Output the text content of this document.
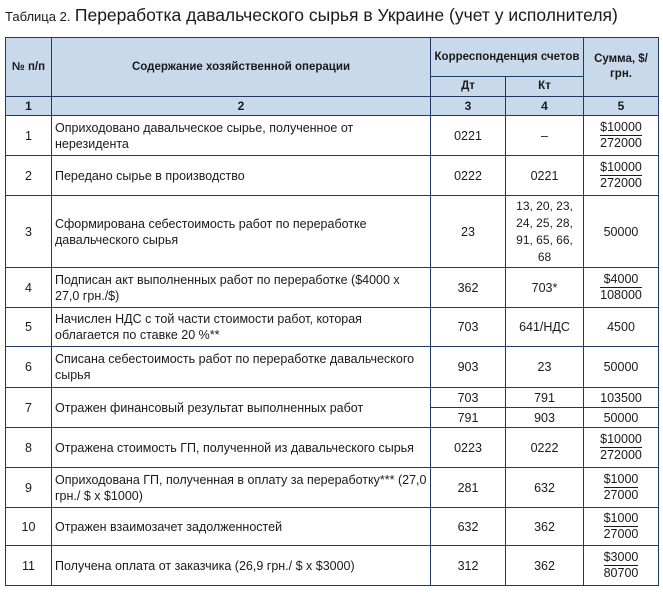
Таблица 2. Переработка давальческого сырья в Украине (учет у исполнителя)
№ п/п	Содержание хозяйственной операции	Корреспонденция счетов		Сумма, $/грн.
		Дт	Кт	
1	2	3	4	5
1	Оприходовано давальческое сырье, полученное от нерезидента	0221	–	$\frac{\$10000}{272000}$

2	Передано сырье в производство	0222	0221	$\frac{\$10000}{272000}$

3	Сформирована себестоимость работ по переработке давальческого сырья	23	13, 20, 23, 24, 25, 28, 91, 65, 66, 68	50000
4	Подписан акт выполненных работ по переработке ($4000 х 27,0 грн./$)	362	703*	$\frac{\$4000}{108000}$

5	Начислен НДС с той части стоимости работ, которая облагается по ставке 20 %**	703	641/НДС	4500
6	Списана себестоимость работ по переработке давальческого сырья	903	23	50000
7	Отражен финансовый результат выполненных работ	703	791	103500
		791	903	50000
8	Отражена стоимость ГП, полученной из давальческого сырья	0223	0222	$\frac{\$10000}{272000}$

9	Оприходована ГП, полученная в оплату за переработку*** (27,0 грн./ $ х $1000)	281	632	$\frac{\$1000}{27000}$

10	Отражен взаимозачет задолженностей	632	362	$\frac{\$1000}{27000}$

11	Получена оплата от заказчика (26,9 грн./ $ х $3000)	312	362	$\frac{\$3000}{80700}$
